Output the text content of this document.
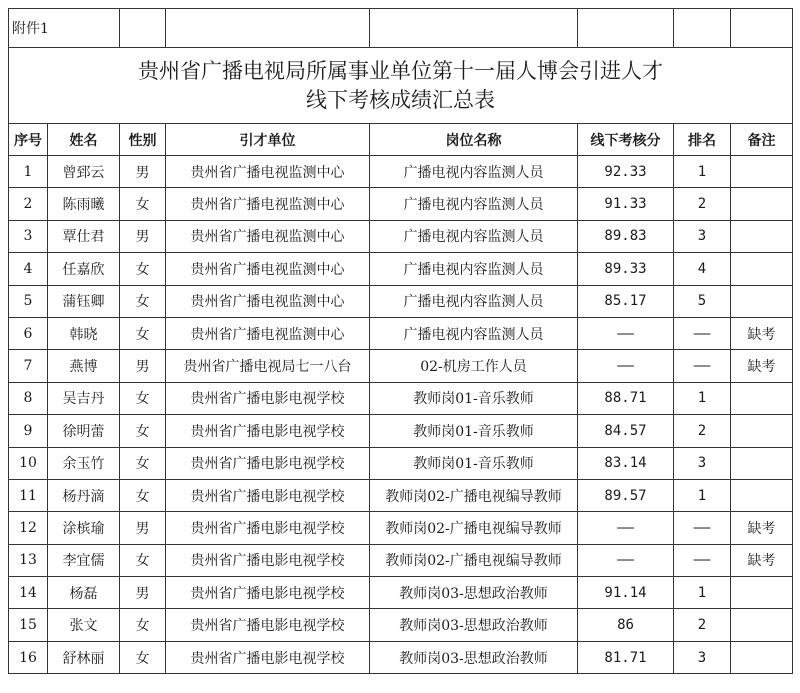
附件1							

贵州省广播电视局所属事业单位第十一届人博会引进人才
线下考核成绩汇总表							

序号	姓名	性别	引才单位	岗位名称	线下考核分	排名	备注
1	曾郅云	男	贵州省广播电视监测中心	广播电视内容监测人员	92.33	1	
2	陈雨曦	女	贵州省广播电视监测中心	广播电视内容监测人员	91.33	2	
3	覃仕君	男	贵州省广播电视监测中心	广播电视内容监测人员	89.83	3	
4	任嘉欣	女	贵州省广播电视监测中心	广播电视内容监测人员	89.33	4	
5	蒲钰卿	女	贵州省广播电视监测中心	广播电视内容监测人员	85.17	5	
6	韩晓	女	贵州省广播电视监测中心	广播电视内容监测人员	——	——	缺考
7	燕博	男	贵州省广播电视局七一八台	02-机房工作人员	——	——	缺考
8	吴吉丹	女	贵州省广播电影电视学校	教师岗01-音乐教师	88.71	1	
9	徐明蕾	女	贵州省广播电影电视学校	教师岗01-音乐教师	84.57	2	
10	余玉竹	女	贵州省广播电影电视学校	教师岗01-音乐教师	83.14	3	
11	杨丹滴	女	贵州省广播电影电视学校	教师岗02-广播电视编导教师	89.57	1	
12	涂槟瑜	男	贵州省广播电影电视学校	教师岗02-广播电视编导教师	——	——	缺考
13	李宜儒	女	贵州省广播电影电视学校	教师岗02-广播电视编导教师	——	——	缺考
14	杨磊	男	贵州省广播电影电视学校	教师岗03-思想政治教师	91.14	1	
15	张文	女	贵州省广播电影电视学校	教师岗03-思想政治教师	86	2	
16	舒林丽	女	贵州省广播电影电视学校	教师岗03-思想政治教师	81.71	3	
